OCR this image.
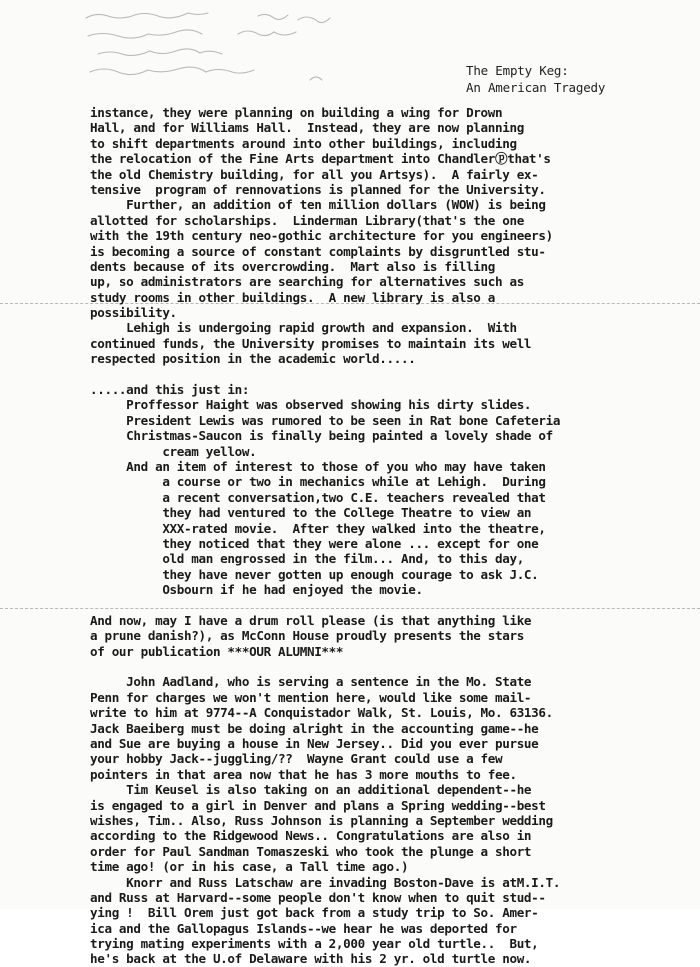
The Empty Keg:
An American Tragedy
instance, they were planning on building a wing for Drown
Hall, and for Williams Hall.  Instead, they are now planning
to shift departments around into other buildings, including
the relocation of the Fine Arts department into Chandlerⓟthat's
the old Chemistry building, for all you Artsys).  A fairly ex-
tensive  program of rennovations is planned for the University.
Further, an addition of ten million dollars (WOW) is being
allotted for scholarships.  Linderman Library(that's the one
with the 19th century neo-gothic architecture for you engineers)
is becoming a source of constant complaints by disgruntled stu-
dents because of its overcrowding.  Mart also is filling
up, so administrators are searching for alternatives such as
study rooms in other buildings.  A new library is also a
possibility.
Lehigh is undergoing rapid growth and expansion.  With
continued funds, the University promises to maintain its well
respected position in the academic world.....
.....and this just in:
Proffessor Haight was observed showing his dirty slides.
President Lewis was rumored to be seen in Rat bone Cafeteria
Christmas-Saucon is finally being painted a lovely shade of
cream yellow.
And an item of interest to those of you who may have taken
a course or two in mechanics while at Lehigh.  During
a recent conversation,two C.E. teachers revealed that
they had ventured to the College Theatre to view an
XXX-rated movie.  After they walked into the theatre,
they noticed that they were alone ... except for one
old man engrossed in the film... And, to this day,
they have never gotten up enough courage to ask J.C.
Osbourn if he had enjoyed the movie.
And now, may I have a drum roll please (is that anything like
a prune danish?), as McConn House proudly presents the stars
of our publication ***OUR ALUMNI***
John Aadland, who is serving a sentence in the Mo. State
Penn for charges we won't mention here, would like some mail-
write to him at 9774--A Conquistador Walk, St. Louis, Mo. 63136.
Jack Baeiberg must be doing alright in the accounting game--he
and Sue are buying a house in New Jersey.. Did you ever pursue
your hobby Jack--juggling/??  Wayne Grant could use a few
pointers in that area now that he has 3 more mouths to fee.
Tim Keusel is also taking on an additional dependent--he
is engaged to a girl in Denver and plans a Spring wedding--best
wishes, Tim.. Also, Russ Johnson is planning a September wedding
according to the Ridgewood News.. Congratulations are also in
order for Paul Sandman Tomaszeski who took the plunge a short
time ago! (or in his case, a Tall time ago.)
Knorr and Russ Latschaw are invading Boston-Dave is atM.I.T.
and Russ at Harvard--some people don't know when to quit stud--
ying !  Bill Orem just got back from a study trip to So. Amer-
ica and the Gallopagus Islands--we hear he was deported for
trying mating experiments with a 2,000 year old turtle..  But,
he's back at the U.of Delaware with his 2 yr. old turtle now.
